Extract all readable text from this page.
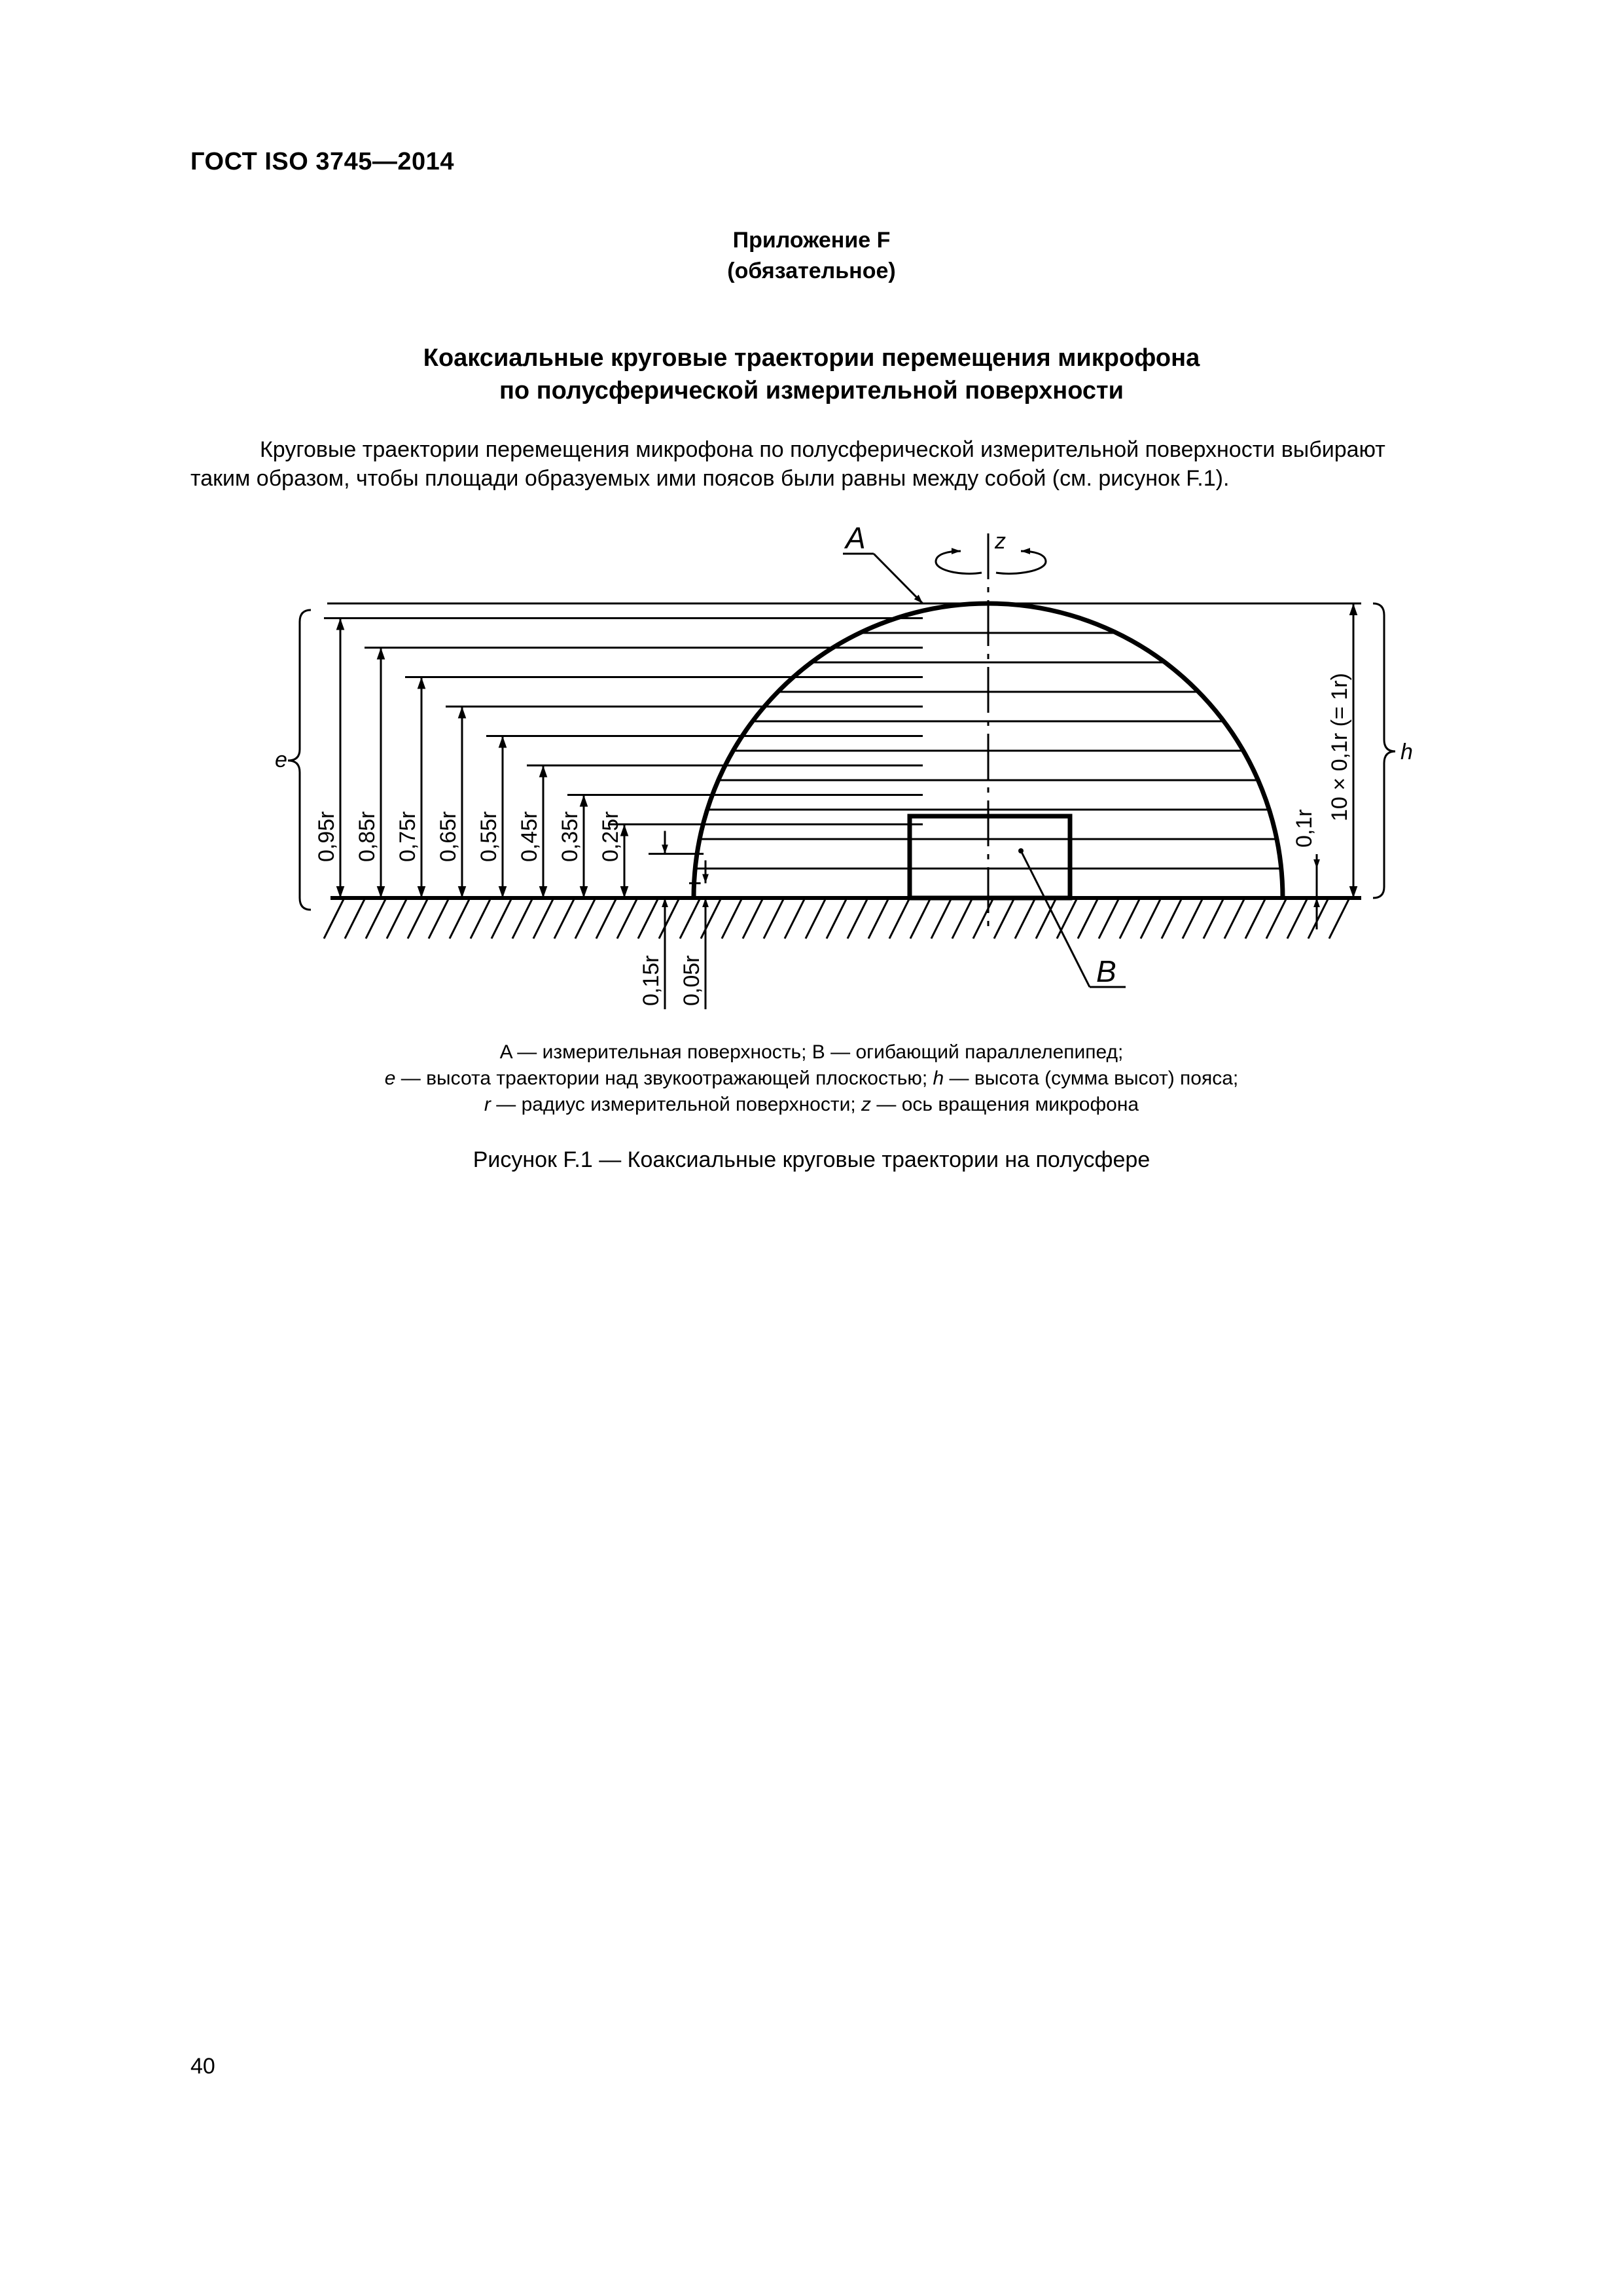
ГОСТ ISO 3745—2014
Приложение F
(обязательное)
Коаксиальные круговые траектории перемещения микрофона
по полусферической измерительной поверхности
Круговые траектории перемещения микрофона по полусферической измерительной поверхности выбирают
таким образом, чтобы площади образуемых ими поясов были равны между собой (см. рисунок F.1).
0,95r 0,85r 0,75r 0,65r 0,55r 0,45r 0,35r 0,25r
0,15r 0,05r
z
A
B
e	h
10 × 0,1r (= 1r)
0,1r
A — измерительная поверхность; B — огибающий параллелепипед;
e — высота траектории над звукоотражающей плоскостью; h — высота (сумма высот) пояса;
r — радиус измерительной поверхности; z — ось вращения микрофона
Рисунок F.1 — Коаксиальные круговые траектории на полусфере
40
